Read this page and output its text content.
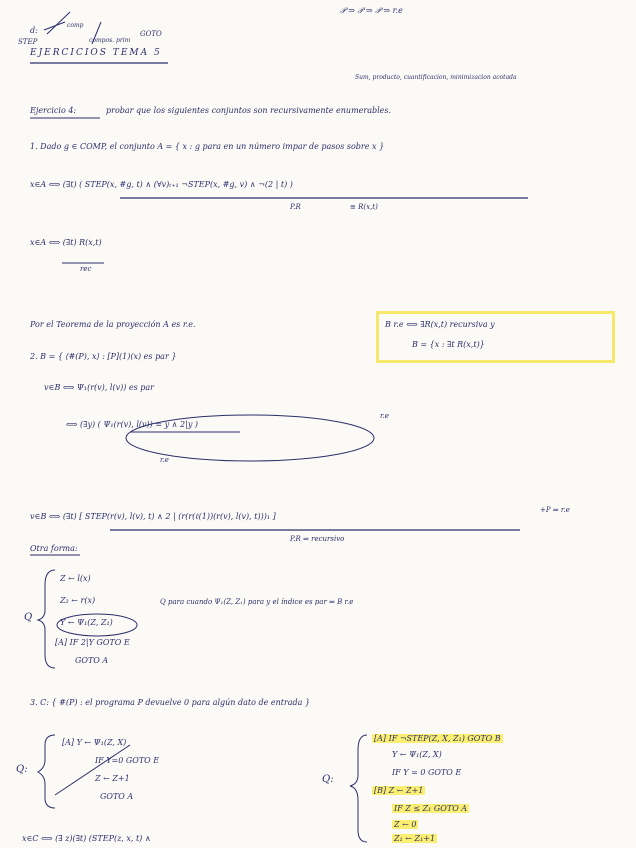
EJERCICIOS TEMA 5
𝒫 ⇒ 𝒫 ⇒ 𝒫 ⇒ r.e
d:
STEP
comp
compos. prim
GOTO
Sum, producto, cuantificacion, minimizacion acotada
Ejercicio 4:	probar que los siguientes conjuntos son recursivamente enumerables.
1. Dado g ∈ COMP, el conjunto A = { x : g para en un número impar de pasos sobre x }
x∈A ⟺ (∃t) ( STEP(x, #g, t) ∧ (∀v)ₜ₊₁ ¬STEP(x, #g, v) ∧ ¬(2 | t) )
P.R	≡ R(x,t)
x∈A ⟺ (∃t) R(x,t)
rec
Por el Teorema de la proyección A es r.e.	B r.e ⟺ ∃R(x,t) recursiva y
B = {x : ∃t R(x,t)}
2. B = { ⟨#(P), x⟩ : [P](1)(x) es par }
v∈B ⟺ Ψ₁(r(v), l(v)) es par
⟺ (∃y) ( Ψ₁(r(v), l(v)) = y ∧ 2|y )
r.e
r.e
v∈B ⟺ (∃t) [ STEP(r(v), l(v), t) ∧ 2 | (r(r(ℓ(1))(r(v), l(v), t)))₁ ]
P.R ⇒ recursivo
+P ⇒ r.e
Otra forma:
Q
Z ← l(x)
Z₂ ← r(x)
Y ← Ψ₁(Z, Z₁)
[A] IF 2|Y GOTO E
GOTO A
Q para cuando Ψ₁(Z, Z₁) para y el índice es par ⇒ B r.e
3. C: { #(P) : el programa P devuelve 0 para algún dato de entrada }
Q:
[A] Y ← Ψ₁(Z, X)
IF Y=0 GOTO E
Z ← Z+1
GOTO A
Q:
[A] IF ¬STEP(Z, X, Z₁) GOTO B
Y ← Ψ₁(Z, X)
IF Y = 0 GOTO E
[B] Z ← Z+1
IF Z ≤ Z₁ GOTO A
Z ← 0
Z₁ ← Z₁+1
x∈C ⟺ (∃ z)(∃t) (STEP(z, x, t) ∧
